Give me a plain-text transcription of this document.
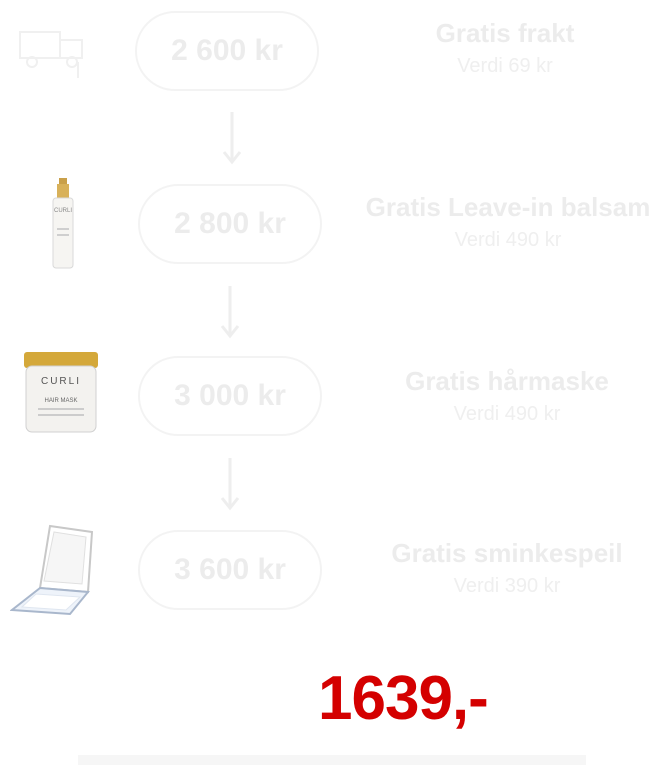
2 600 kr
Gratis frakt
Verdi 69 kr
CURLI	2 800 kr	Gratis Leave-in balsam
Verdi 490 kr
CURLI
HAIR MASK	3 000 kr	Gratis hårmaske
Verdi 490 kr
3 600 kr	Gratis sminkespeil
Verdi 390 kr
1639,-
